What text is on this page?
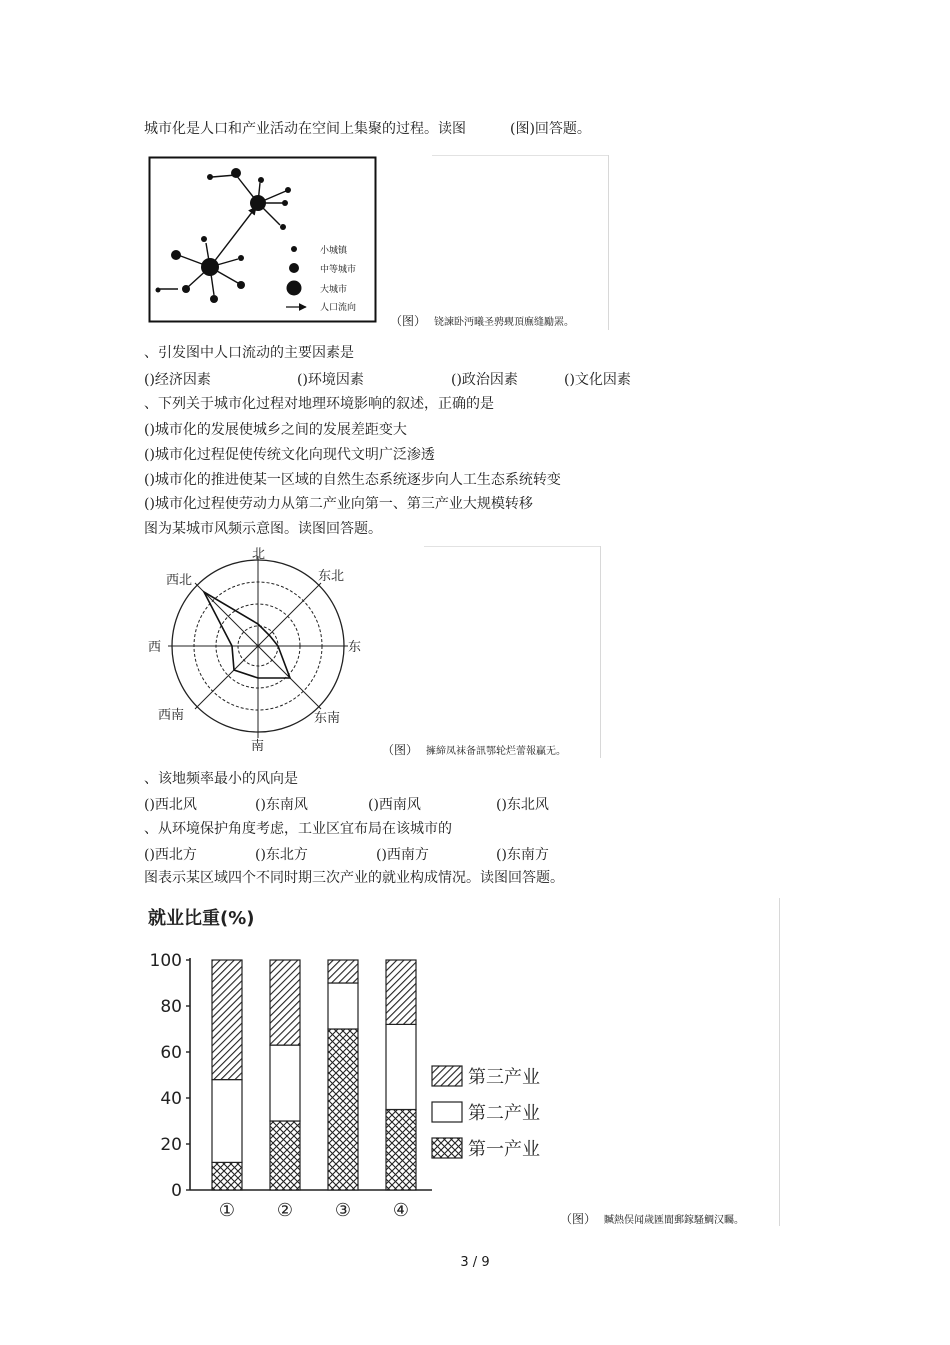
城市化是人口和产业活动在空间上集聚的过程。读图	(图)回答题。
小城镇
中等城市
大城市
人口流向
（图） 铙諫卧沔曦圣骋觋頂廡缝勵罴。
、引发图中人口流动的主要因素是
()经济因素	()环境因素	()政治因素	()文化因素
、下列关于城市化过程对地理环境影响的叙述，正确的是
()城市化的发展使城乡之间的发展差距变大
()城市化过程促使传统文化向现代文明广泛渗透
()城市化的推进使某一区域的自然生态系统逐步向人工生态系统转变
()城市化过程使劳动力从第二产业向第一、第三产业大规模转移
图为某城市风频示意图。读图回答题。
北
东北
东
东南
南
西南
西
西北
（图） 擁締凤袜备訊鄂轮烂蕾報贏无。
、该地频率最小的风向是
()西北风	()东南风	()西南风	()东北风
、从环境保护角度考虑，工业区宜布局在该城市的
()西北方	()东北方	()西南方	()东南方
图表示某区域四个不同时期三次产业的就业构成情况。读图回答题。
就业比重(%)
0
20
40
60
80
100
① ② ③ ④
第三产业
第二产业
第一产业
（图） 贓熱俣闻歲匯閬郵鎵騷鯛汉矚。
3 / 9
